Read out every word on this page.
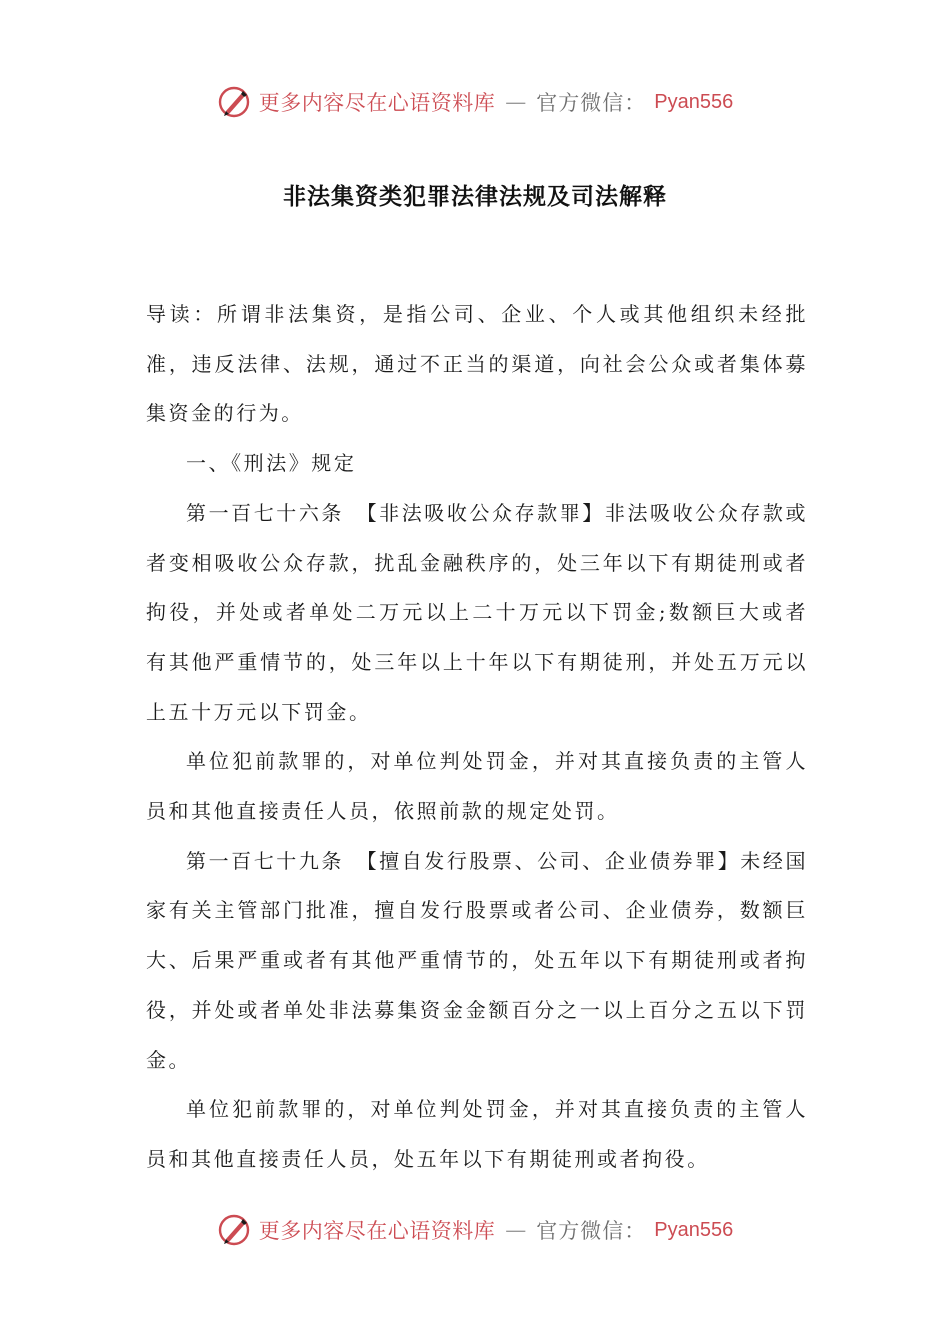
更多内容尽在心语资料库 — 官方微信： Pyan556
非法集资类犯罪法律法规及司法解释

导读：所谓非法集资，是指公司、企业、个人或其他组织未经批准，违反法律、法规，通过不正当的渠道，向社会公众或者集体募集资金的行为。

一、《刑法》规定

第一百七十六条　【非法吸收公众存款罪】非法吸收公众存款或者变相吸收公众存款，扰乱金融秩序的，处三年以下有期徒刑或者拘役，并处或者单处二万元以上二十万元以下罚金;数额巨大或者有其他严重情节的，处三年以上十年以下有期徒刑，并处五万元以上五十万元以下罚金。

单位犯前款罪的，对单位判处罚金，并对其直接负责的主管人员和其他直接责任人员，依照前款的规定处罚。

第一百七十九条　【擅自发行股票、公司、企业债券罪】未经国家有关主管部门批准，擅自发行股票或者公司、企业债券，数额巨大、后果严重或者有其他严重情节的，处五年以下有期徒刑或者拘役，并处或者单处非法募集资金金额百分之一以上百分之五以下罚金。

单位犯前款罪的，对单位判处罚金，并对其直接负责的主管人员和其他直接责任人员，处五年以下有期徒刑或者拘役。

更多内容尽在心语资料库 — 官方微信： Pyan556
